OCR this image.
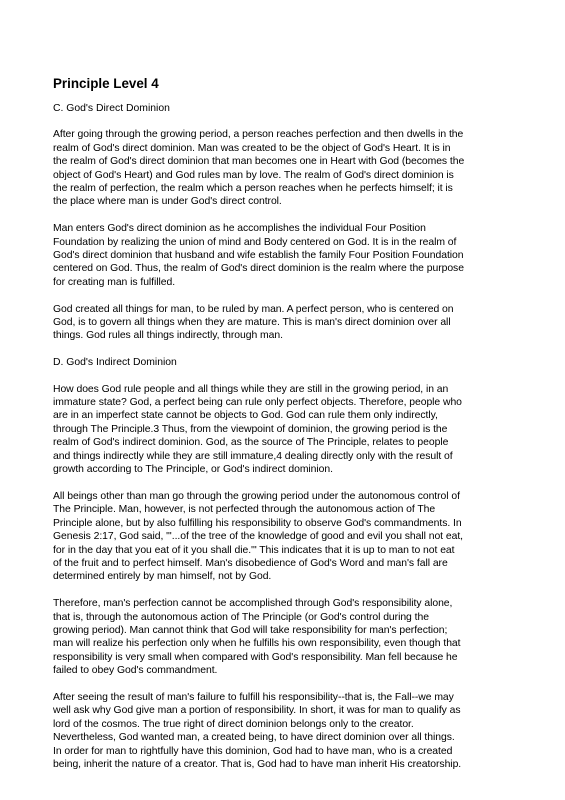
Principle Level 4
C. God's Direct Dominion
After going through the growing period, a person reaches perfection and then dwells in the
realm of God's direct dominion. Man was created to be the object of God's Heart. It is in
the realm of God's direct dominion that man becomes one in Heart with God (becomes the
object of God's Heart) and God rules man by love. The realm of God's direct dominion is
the realm of perfection, the realm which a person reaches when he perfects himself; it is
the place where man is under God's direct control.
Man enters God's direct dominion as he accomplishes the individual Four Position
Foundation by realizing the union of mind and Body centered on God. It is in the realm of
God's direct dominion that husband and wife establish the family Four Position Foundation
centered on God. Thus, the realm of God's direct dominion is the realm where the purpose
for creating man is fulfilled.
God created all things for man, to be ruled by man. A perfect person, who is centered on
God, is to govern all things when they are mature. This is man's direct dominion over all
things. God rules all things indirectly, through man.
D. God's Indirect Dominion
How does God rule people and all things while they are still in the growing period, in an
immature state? God, a perfect being can rule only perfect objects. Therefore, people who
are in an imperfect state cannot be objects to God. God can rule them only indirectly,
through The Principle.3 Thus, from the viewpoint of dominion, the growing period is the
realm of God's indirect dominion. God, as the source of The Principle, relates to people
and things indirectly while they are still immature,4 dealing directly only with the result of
growth according to The Principle, or God's indirect dominion.
All beings other than man go through the growing period under the autonomous control of
The Principle. Man, however, is not perfected through the autonomous action of The
Principle alone, but by also fulfilling his responsibility to observe God's commandments. In
Genesis 2:17, God said, "'...of the tree of the knowledge of good and evil you shall not eat,
for in the day that you eat of it you shall die.'" This indicates that it is up to man to not eat
of the fruit and to perfect himself. Man's disobedience of God's Word and man's fall are
determined entirely by man himself, not by God.
Therefore, man's perfection cannot be accomplished through God's responsibility alone,
that is, through the autonomous action of The Principle (or God's control during the
growing period). Man cannot think that God will take responsibility for man's perfection;
man will realize his perfection only when he fulfills his own responsibility, even though that
responsibility is very small when compared with God's responsibility. Man fell because he
failed to obey God's commandment.
After seeing the result of man's failure to fulfill his responsibility--that is, the Fall--we may
well ask why God give man a portion of responsibility. In short, it was for man to qualify as
lord of the cosmos. The true right of direct dominion belongs only to the creator.
Nevertheless, God wanted man, a created being, to have direct dominion over all things.
In order for man to rightfully have this dominion, God had to have man, who is a created
being, inherit the nature of a creator. That is, God had to have man inherit His creatorship.
